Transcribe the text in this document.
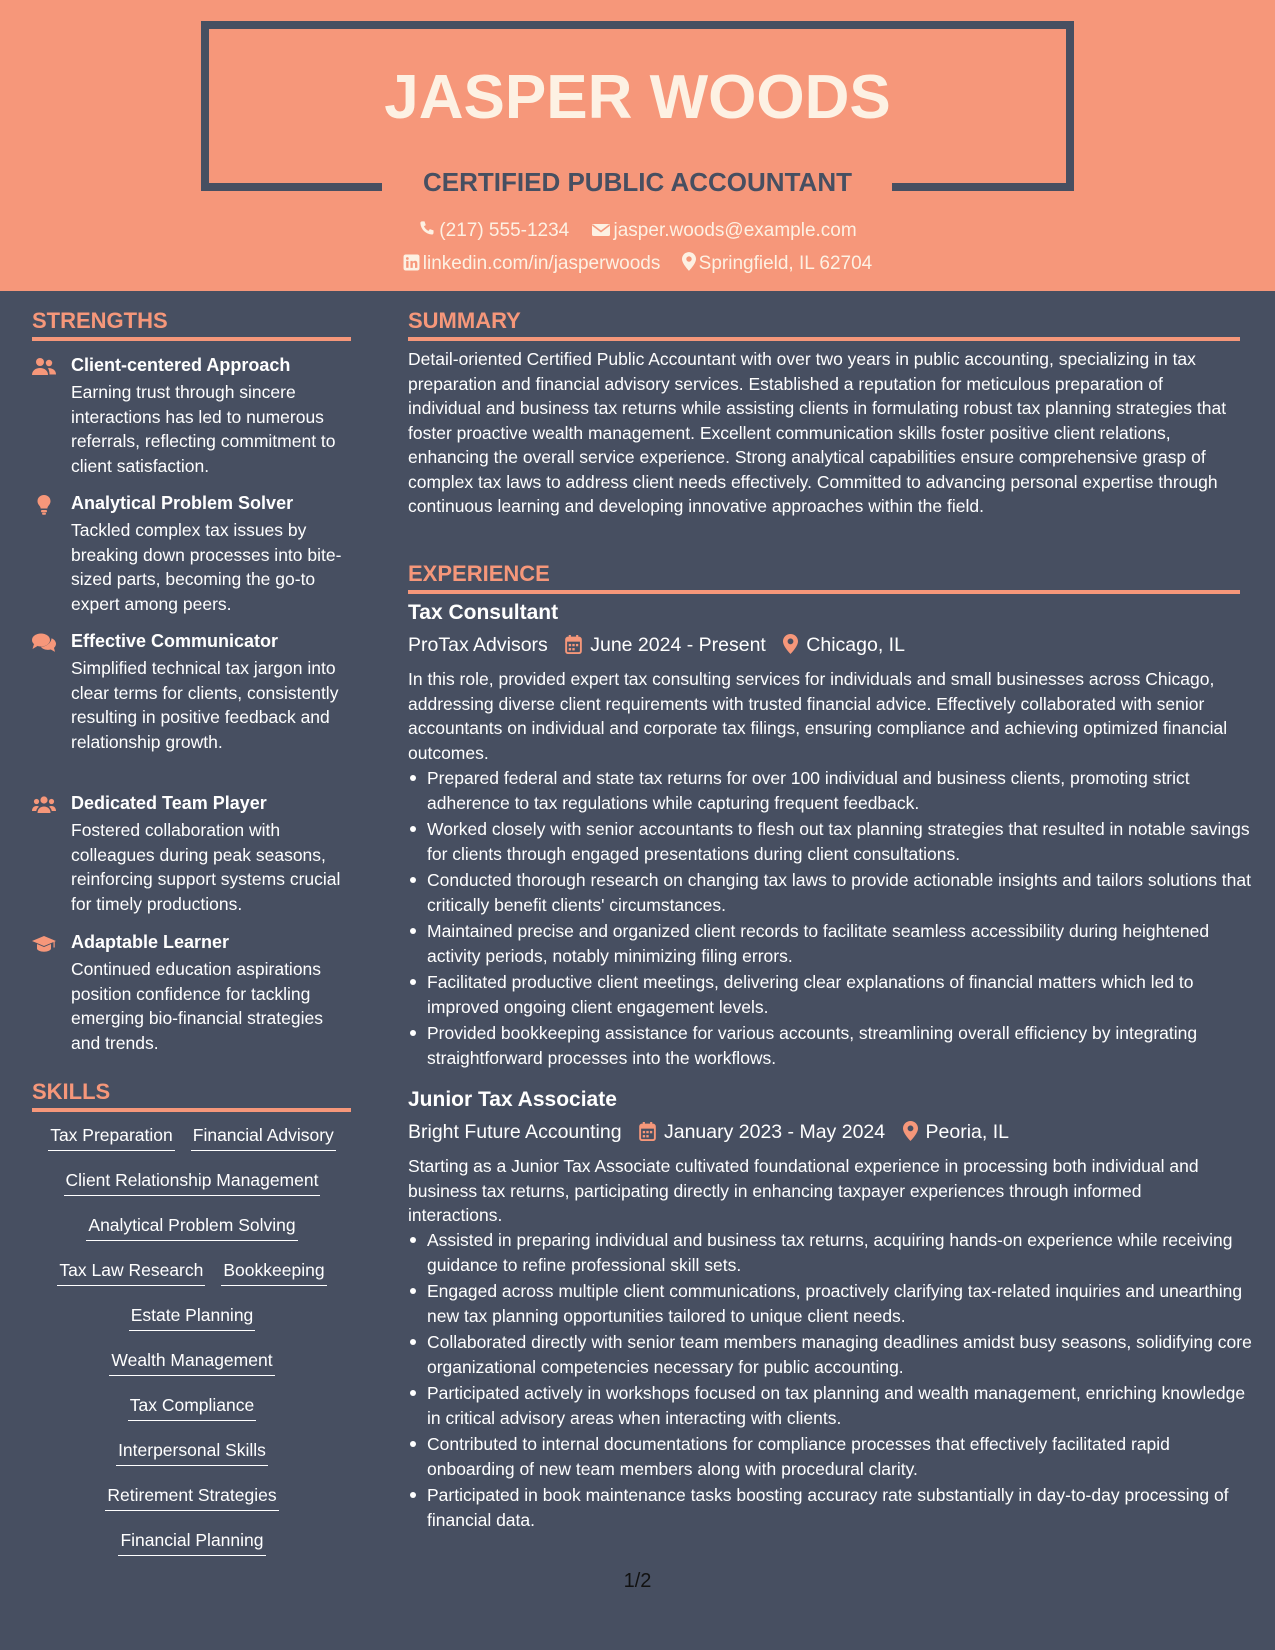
JASPER WOODS
CERTIFIED PUBLIC ACCOUNTANT
(217) 555-1234 jasper.woods@example.com
linkedin.com/in/jasperwoods Springfield, IL 62704
STRENGTHS
Client-centered Approach
Earning trust through sincere interactions has led to numerous referrals, reflecting commitment to client satisfaction.
Analytical Problem Solver
Tackled complex tax issues by breaking down processes into bite-sized parts, becoming the go-to expert among peers.
Effective Communicator
Simplified technical tax jargon into clear terms for clients, consistently resulting in positive feedback and relationship growth.
Dedicated Team Player
Fostered collaboration with colleagues during peak seasons, reinforcing support systems crucial for timely productions.
Adaptable Learner
Continued education aspirations position confidence for tackling emerging bio-financial strategies and trends.
SKILLS
Tax Preparation Financial Advisory
Client Relationship Management
Analytical Problem Solving
Tax Law Research Bookkeeping
Estate Planning
Wealth Management
Tax Compliance
Interpersonal Skills
Retirement Strategies
Financial Planning
SUMMARY
Detail-oriented Certified Public Accountant with over two years in public accounting, specializing in tax preparation and financial advisory services. Established a reputation for meticulous preparation of individual and business tax returns while assisting clients in formulating robust tax planning strategies that foster proactive wealth management. Excellent communication skills foster positive client relations, enhancing the overall service experience. Strong analytical capabilities ensure comprehensive grasp of complex tax laws to address client needs effectively. Committed to advancing personal expertise through continuous learning and developing innovative approaches within the field.
EXPERIENCE
Tax Consultant
ProTax Advisors June 2024 - Present Chicago, IL
In this role, provided expert tax consulting services for individuals and small businesses across Chicago, addressing diverse client requirements with trusted financial advice. Effectively collaborated with senior accountants on individual and corporate tax filings, ensuring compliance and achieving optimized financial outcomes.
Prepared federal and state tax returns for over 100 individual and business clients, promoting strict adherence to tax regulations while capturing frequent feedback.
Worked closely with senior accountants to flesh out tax planning strategies that resulted in notable savings for clients through engaged presentations during client consultations.
Conducted thorough research on changing tax laws to provide actionable insights and tailors solutions that critically benefit clients' circumstances.
Maintained precise and organized client records to facilitate seamless accessibility during heightened activity periods, notably minimizing filing errors.
Facilitated productive client meetings, delivering clear explanations of financial matters which led to improved ongoing client engagement levels.
Provided bookkeeping assistance for various accounts, streamlining overall efficiency by integrating straightforward processes into the workflows.
Junior Tax Associate
Bright Future Accounting January 2023 - May 2024 Peoria, IL
Starting as a Junior Tax Associate cultivated foundational experience in processing both individual and business tax returns, participating directly in enhancing taxpayer experiences through informed interactions.
Assisted in preparing individual and business tax returns, acquiring hands-on experience while receiving guidance to refine professional skill sets.
Engaged across multiple client communications, proactively clarifying tax-related inquiries and unearthing new tax planning opportunities tailored to unique client needs.
Collaborated directly with senior team members managing deadlines amidst busy seasons, solidifying core organizational competencies necessary for public accounting.
Participated actively in workshops focused on tax planning and wealth management, enriching knowledge in critical advisory areas when interacting with clients.
Contributed to internal documentations for compliance processes that effectively facilitated rapid onboarding of new team members along with procedural clarity.
Participated in book maintenance tasks boosting accuracy rate substantially in day-to-day processing of financial data.
1/2
